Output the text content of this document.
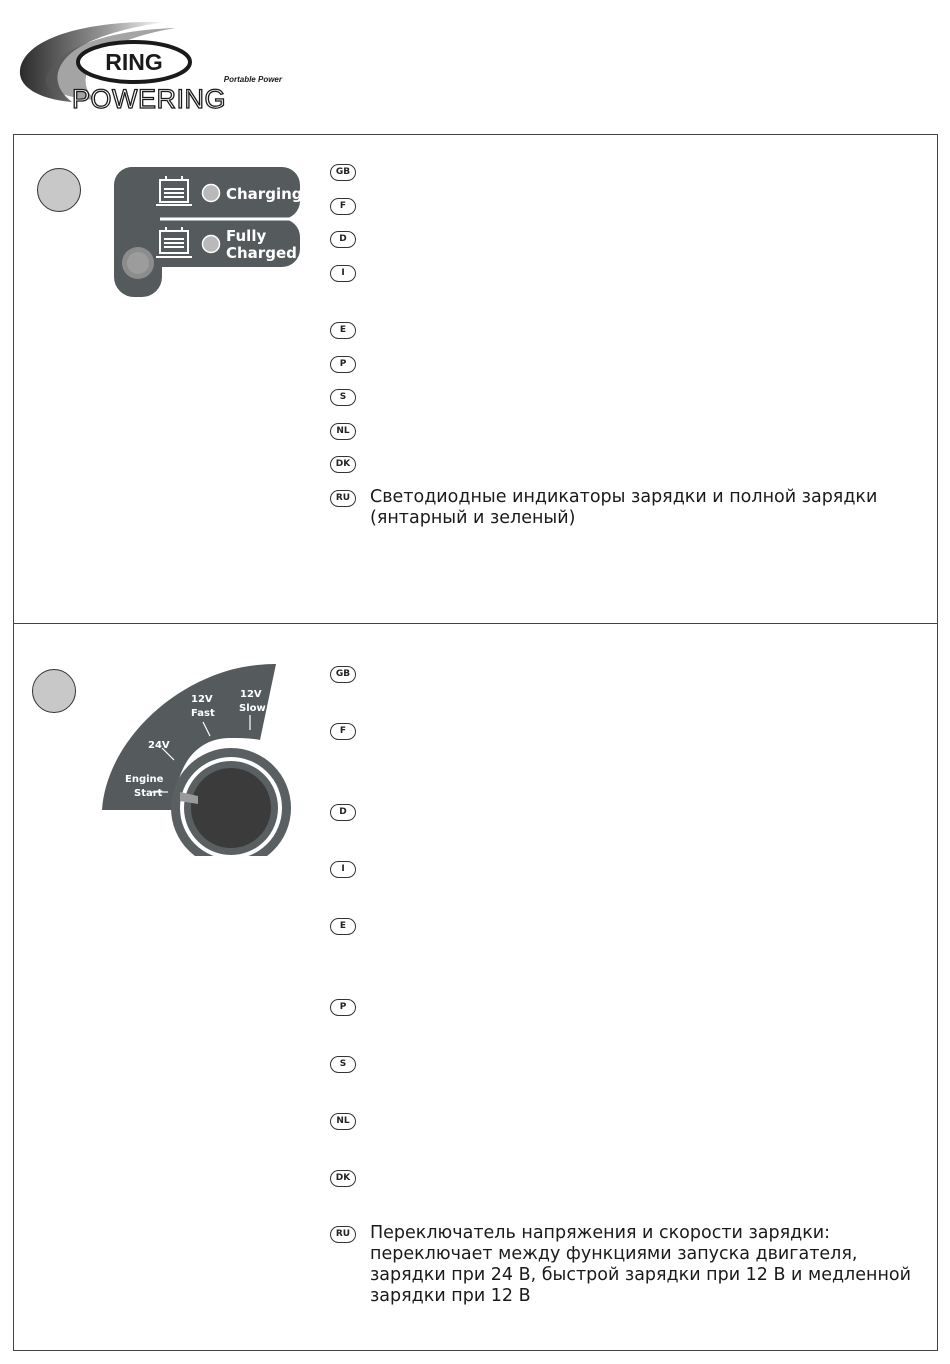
RING
Portable Power
POWERING
Charging
Fully
Charged
GB
F
D
I
E
P
S
NL
DK
RU	Светодиодные индикаторы зарядки и полной зарядки (янтарный и зеленый)
Engine
Start
24V
12V
Fast
12V
Slow
GB
F
D
I
E
P
S
NL
DK
RU	Переключатель напряжения и скорости зарядки: переключает между функциями запуска двигателя, зарядки при 24 В, быстрой зарядки при 12 В и медленной зарядки при 12 В
